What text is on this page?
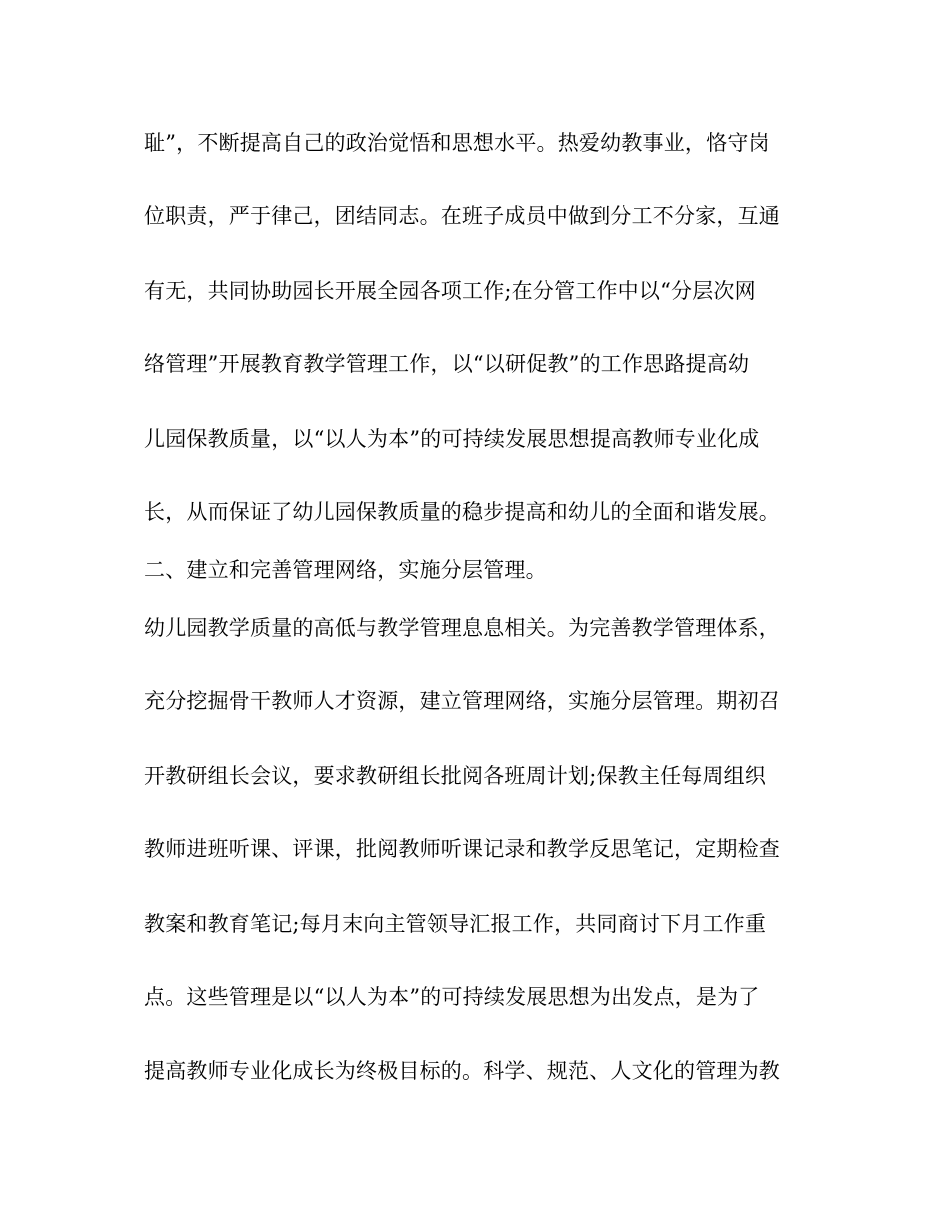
耻”，不断提高自己的政治觉悟和思想水平。热爱幼教事业，恪守岗
位职责，严于律己，团结同志。在班子成员中做到分工不分家，互通
有无，共同协助园长开展全园各项工作;在分管工作中以“分层次网
络管理”开展教育教学管理工作，以“以研促教”的工作思路提高幼
儿园保教质量，以“以人为本”的可持续发展思想提高教师专业化成
长，从而保证了幼儿园保教质量的稳步提高和幼儿的全面和谐发展。
二、建立和完善管理网络，实施分层管理。
幼儿园教学质量的高低与教学管理息息相关。为完善教学管理体系，
充分挖掘骨干教师人才资源，建立管理网络，实施分层管理。期初召
开教研组长会议，要求教研组长批阅各班周计划;保教主任每周组织
教师进班听课、评课，批阅教师听课记录和教学反思笔记，定期检查
教案和教育笔记;每月末向主管领导汇报工作，共同商讨下月工作重
点。这些管理是以“以人为本”的可持续发展思想为出发点，是为了
提高教师专业化成长为终极目标的。科学、规范、人文化的管理为教
